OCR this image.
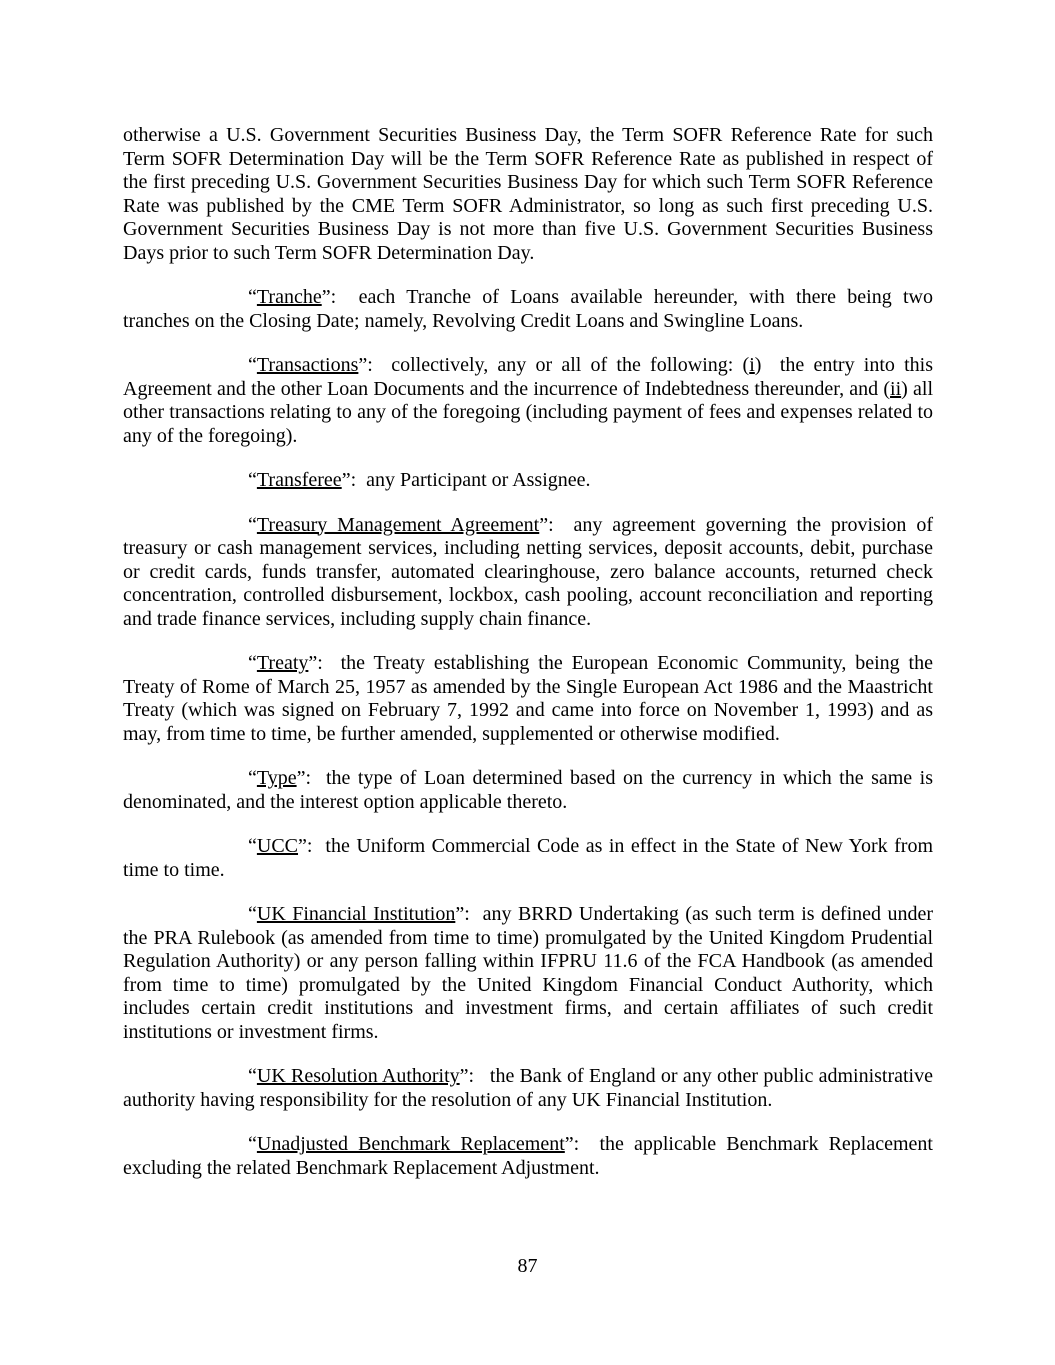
otherwise a U.S. Government Securities Business Day, the Term SOFR Reference Rate for such Term SOFR Determination Day will be the Term SOFR Reference Rate as published in respect of the first preceding U.S. Government Securities Business Day for which such Term SOFR Reference Rate was published by the CME Term SOFR Administrator, so long as such first preceding U.S. Government Securities Business Day is not more than five U.S. Government Securities Business Days prior to such Term SOFR Determination Day.

“Tranche”:  each Tranche of Loans available hereunder, with there being two tranches on the Closing Date; namely, Revolving Credit Loans and Swingline Loans.

“Transactions”:  collectively, any or all of the following: (i)  the entry into this Agreement and the other Loan Documents and the incurrence of Indebtedness thereunder, and (ii) all other transactions relating to any of the foregoing (including payment of fees and expenses related to any of the foregoing).

“Transferee”:  any Participant or Assignee.

“Treasury Management Agreement”:  any agreement governing the provision of treasury or cash management services, including netting services, deposit accounts, debit, purchase or credit cards, funds transfer, automated clearinghouse, zero balance accounts, returned check concentration, controlled disbursement, lockbox, cash pooling, account reconciliation and reporting and trade finance services, including supply chain finance.

“Treaty”:  the Treaty establishing the European Economic Community, being the Treaty of Rome of March 25, 1957 as amended by the Single European Act 1986 and the Maastricht Treaty (which was signed on February 7, 1992 and came into force on November 1, 1993) and as may, from time to time, be further amended, supplemented or otherwise modified.

“Type”:  the type of Loan determined based on the currency in which the same is denominated, and the interest option applicable thereto.

“UCC”:  the Uniform Commercial Code as in effect in the State of New York from time to time.

“UK Financial Institution”:  any BRRD Undertaking (as such term is defined under the PRA Rulebook (as amended from time to time) promulgated by the United Kingdom Prudential Regulation Authority) or any person falling within IFPRU 11.6 of the FCA Handbook (as amended from time to time) promulgated by the United Kingdom Financial Conduct Authority, which includes certain credit institutions and investment firms, and certain affiliates of such credit institutions or investment firms.

“UK Resolution Authority”:   the Bank of England or any other public administrative authority having responsibility for the resolution of any UK Financial Institution.

“Unadjusted Benchmark Replacement”:  the applicable Benchmark Replacement excluding the related Benchmark Replacement Adjustment.

87
